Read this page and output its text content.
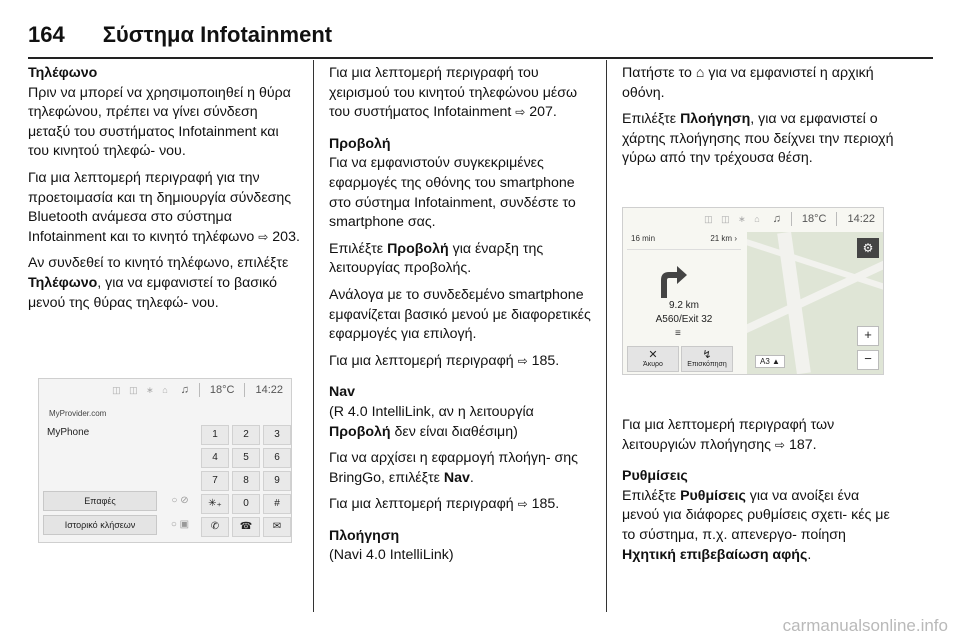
164 Σύστημα Infotainment
Τηλέφωνο

Πριν να μπορεί να χρησιμοποιηθεί η θύρα τηλεφώνου, πρέπει να γίνει σύνδεση μεταξύ του συστήματος Infotainment και του κινητού τηλεφώ‐ νου.

Για μια λεπτομερή περιγραφή για την προετοιμασία και τη δημιουργία σύνδεσης Bluetooth ανάμεσα στο σύστημα Infotainment και το κινητό τηλέφωνο ⇨ 203.

Αν συνδεθεί το κινητό τηλέφωνο, επιλέξτε Τηλέφωνο, για να εμφανιστεί το βασικό μενού της θύρας τηλεφώ‐ νου.

◫ ◫ ∗ ⌂ ♫ 18°C 14:22
MyProvider.com
MyPhone
Επαφές
Ιστορικό κλήσεων
○ ⊘
○ ▣
1	2	3
4	5	6
7	8	9
✳₊	0	#
✆	☎	✉

Για μια λεπτομερή περιγραφή του χειρισμού του κινητού τηλεφώνου μέσω του συστήματος Infotainment ⇨ 207.

Προβολή

Για να εμφανιστούν συγκεκριμένες εφαρμογές της οθόνης του smartphone στο σύστημα Infotainment, συνδέστε το smartphone σας.

Επιλέξτε Προβολή για έναρξη της λειτουργίας προβολής.

Ανάλογα με το συνδεδεμένο smartphone εμφανίζεται βασικό μενού με διαφορετικές εφαρμογές για επιλογή.

Για μια λεπτομερή περιγραφή ⇨ 185.

Nav

(R 4.0 IntelliLink, αν η λειτουργία Προβολή δεν είναι διαθέσιμη)

Για να αρχίσει η εφαρμογή πλοήγη‐ σης BringGo, επιλέξτε Nav.

Για μια λεπτομερή περιγραφή ⇨ 185.

Πλοήγηση

(Navi 4.0 IntelliLink)

Πατήστε το ⌂ για να εμφανιστεί η αρχική οθόνη.

Επιλέξτε Πλοήγηση, για να εμφανιστεί ο χάρτης πλοήγησης που δείχνει την περιοχή γύρω από την τρέχουσα θέση.

◫ ◫ ∗ ⌂ ♫ 18°C 14:22
16 min	21 km ›
9.2 km
A560/Exit 32
≡
✕
Άκυρο
↯
Επισκόπηση
⚙
+
−
A3 ▲

Για μια λεπτομερή περιγραφή των λειτουργιών πλοήγησης ⇨ 187.

Ρυθμίσεις

Επιλέξτε Ρυθμίσεις για να ανοίξει ένα μενού για διάφορες ρυθμίσεις σχετι‐ κές με το σύστημα, π.χ. απενεργο‐ ποίηση Ηχητική επιβεβαίωση αφής.

carmanualsonline.info
